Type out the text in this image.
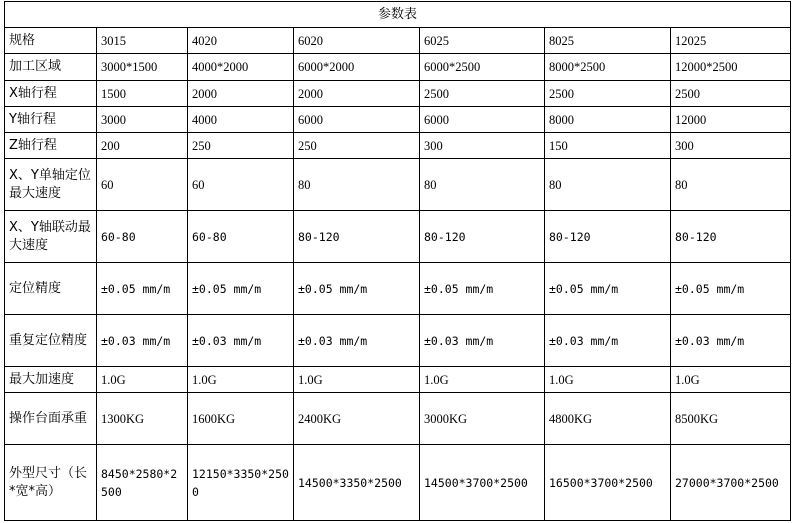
参数表						
规格	3015	4020	6020	6025	8025	12025
加工区域	3000*1500	4000*2000	6000*2000	6000*2500	8000*2500	12000*2500
X轴行程	1500	2000	2000	2500	2500	2500
Y轴行程	3000	4000	6000	6000	8000	12000
Z轴行程	200	250	250	300	150	300
X、Y单轴定位最大速度	60	60	80	80	80	80
X、Y轴联动最大速度	60-80	60-80	80-120	80-120	80-120	80-120
定位精度	±0.05 mm/m	±0.05 mm/m	±0.05 mm/m	±0.05 mm/m	±0.05 mm/m	±0.05 mm/m
重复定位精度	±0.03 mm/m	±0.03 mm/m	±0.03 mm/m	±0.03 mm/m	±0.03 mm/m	±0.03 mm/m
最大加速度	1.0G	1.0G	1.0G	1.0G	1.0G	1.0G
操作台面承重	1300KG	1600KG	2400KG	3000KG	4800KG	8500KG
外型尺寸（长*宽*高）	8450*2580*2500	12150*3350*2500	14500*3350*2500	14500*3700*2500	16500*3700*2500	27000*3700*2500
